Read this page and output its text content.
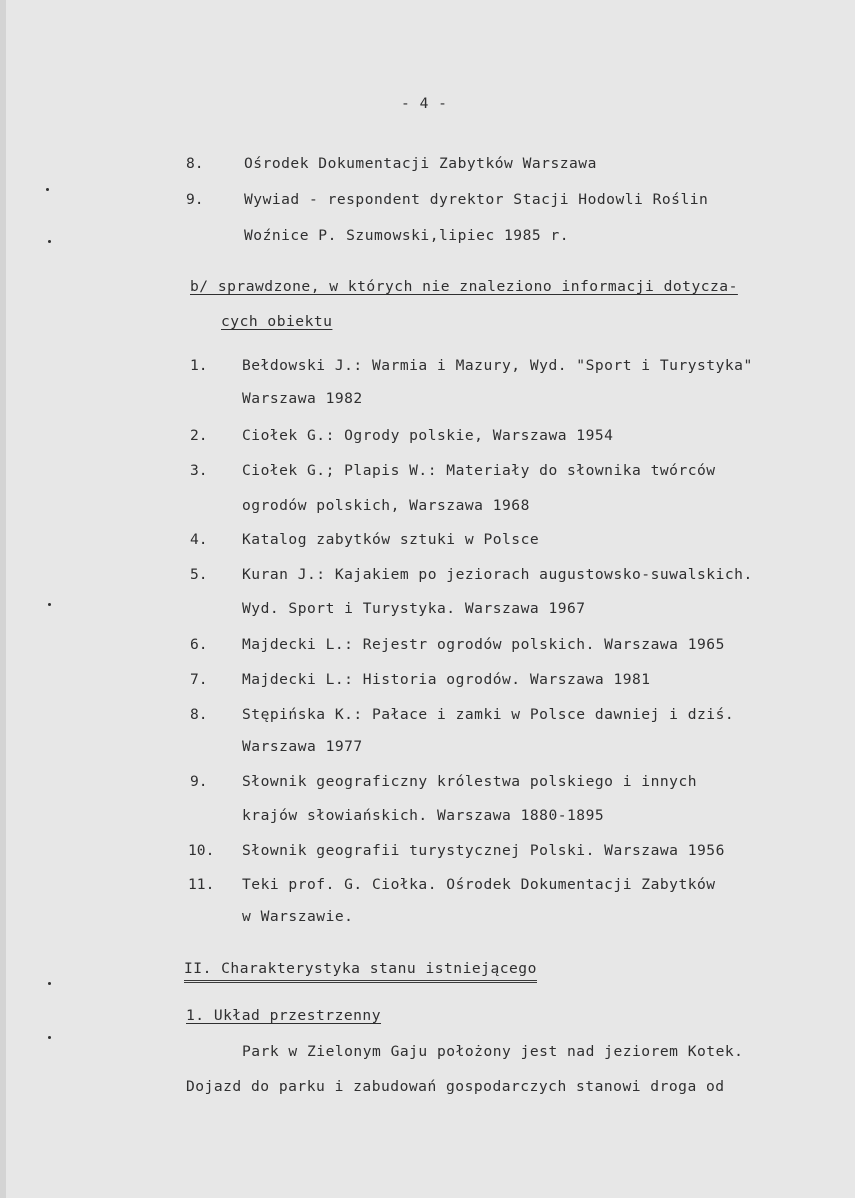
- 4 -
8.	Ośrodek Dokumentacji Zabytków Warszawa
9.	Wywiad - respondent dyrektor Stacji Hodowli Roślin
Woźnice P. Szumowski,lipiec 1985 r.
b/ sprawdzone, w których nie znaleziono informacji dotycza-
cych obiektu
1. Bełdowski J.: Warmia i Mazury, Wyd. "Sport i Turystyka"
Warszawa 1982
2. Ciołek G.: Ogrody polskie, Warszawa 1954
3. Ciołek G.; Plapis W.: Materiały do słownika twórców
ogrodów polskich, Warszawa 1968
4. Katalog zabytków sztuki w Polsce
5. Kuran J.: Kajakiem po jeziorach augustowsko-suwalskich.
Wyd. Sport i Turystyka. Warszawa 1967
6. Majdecki L.: Rejestr ogrodów polskich. Warszawa 1965
7. Majdecki L.: Historia ogrodów. Warszawa 1981
8. Stępińska K.: Pałace i zamki w Polsce dawniej i dziś.
Warszawa 1977
9. Słownik geograficzny królestwa polskiego i innych
krajów słowiańskich. Warszawa 1880-1895
10. Słownik geografii turystycznej Polski. Warszawa 1956
11. Teki prof. G. Ciołka. Ośrodek Dokumentacji Zabytków
w Warszawie.
II. Charakterystyka stanu istniejącego
1. Układ przestrzenny
Park w Zielonym Gaju położony jest nad jeziorem Kotek.
Dojazd do parku i zabudowań gospodarczych stanowi droga od
